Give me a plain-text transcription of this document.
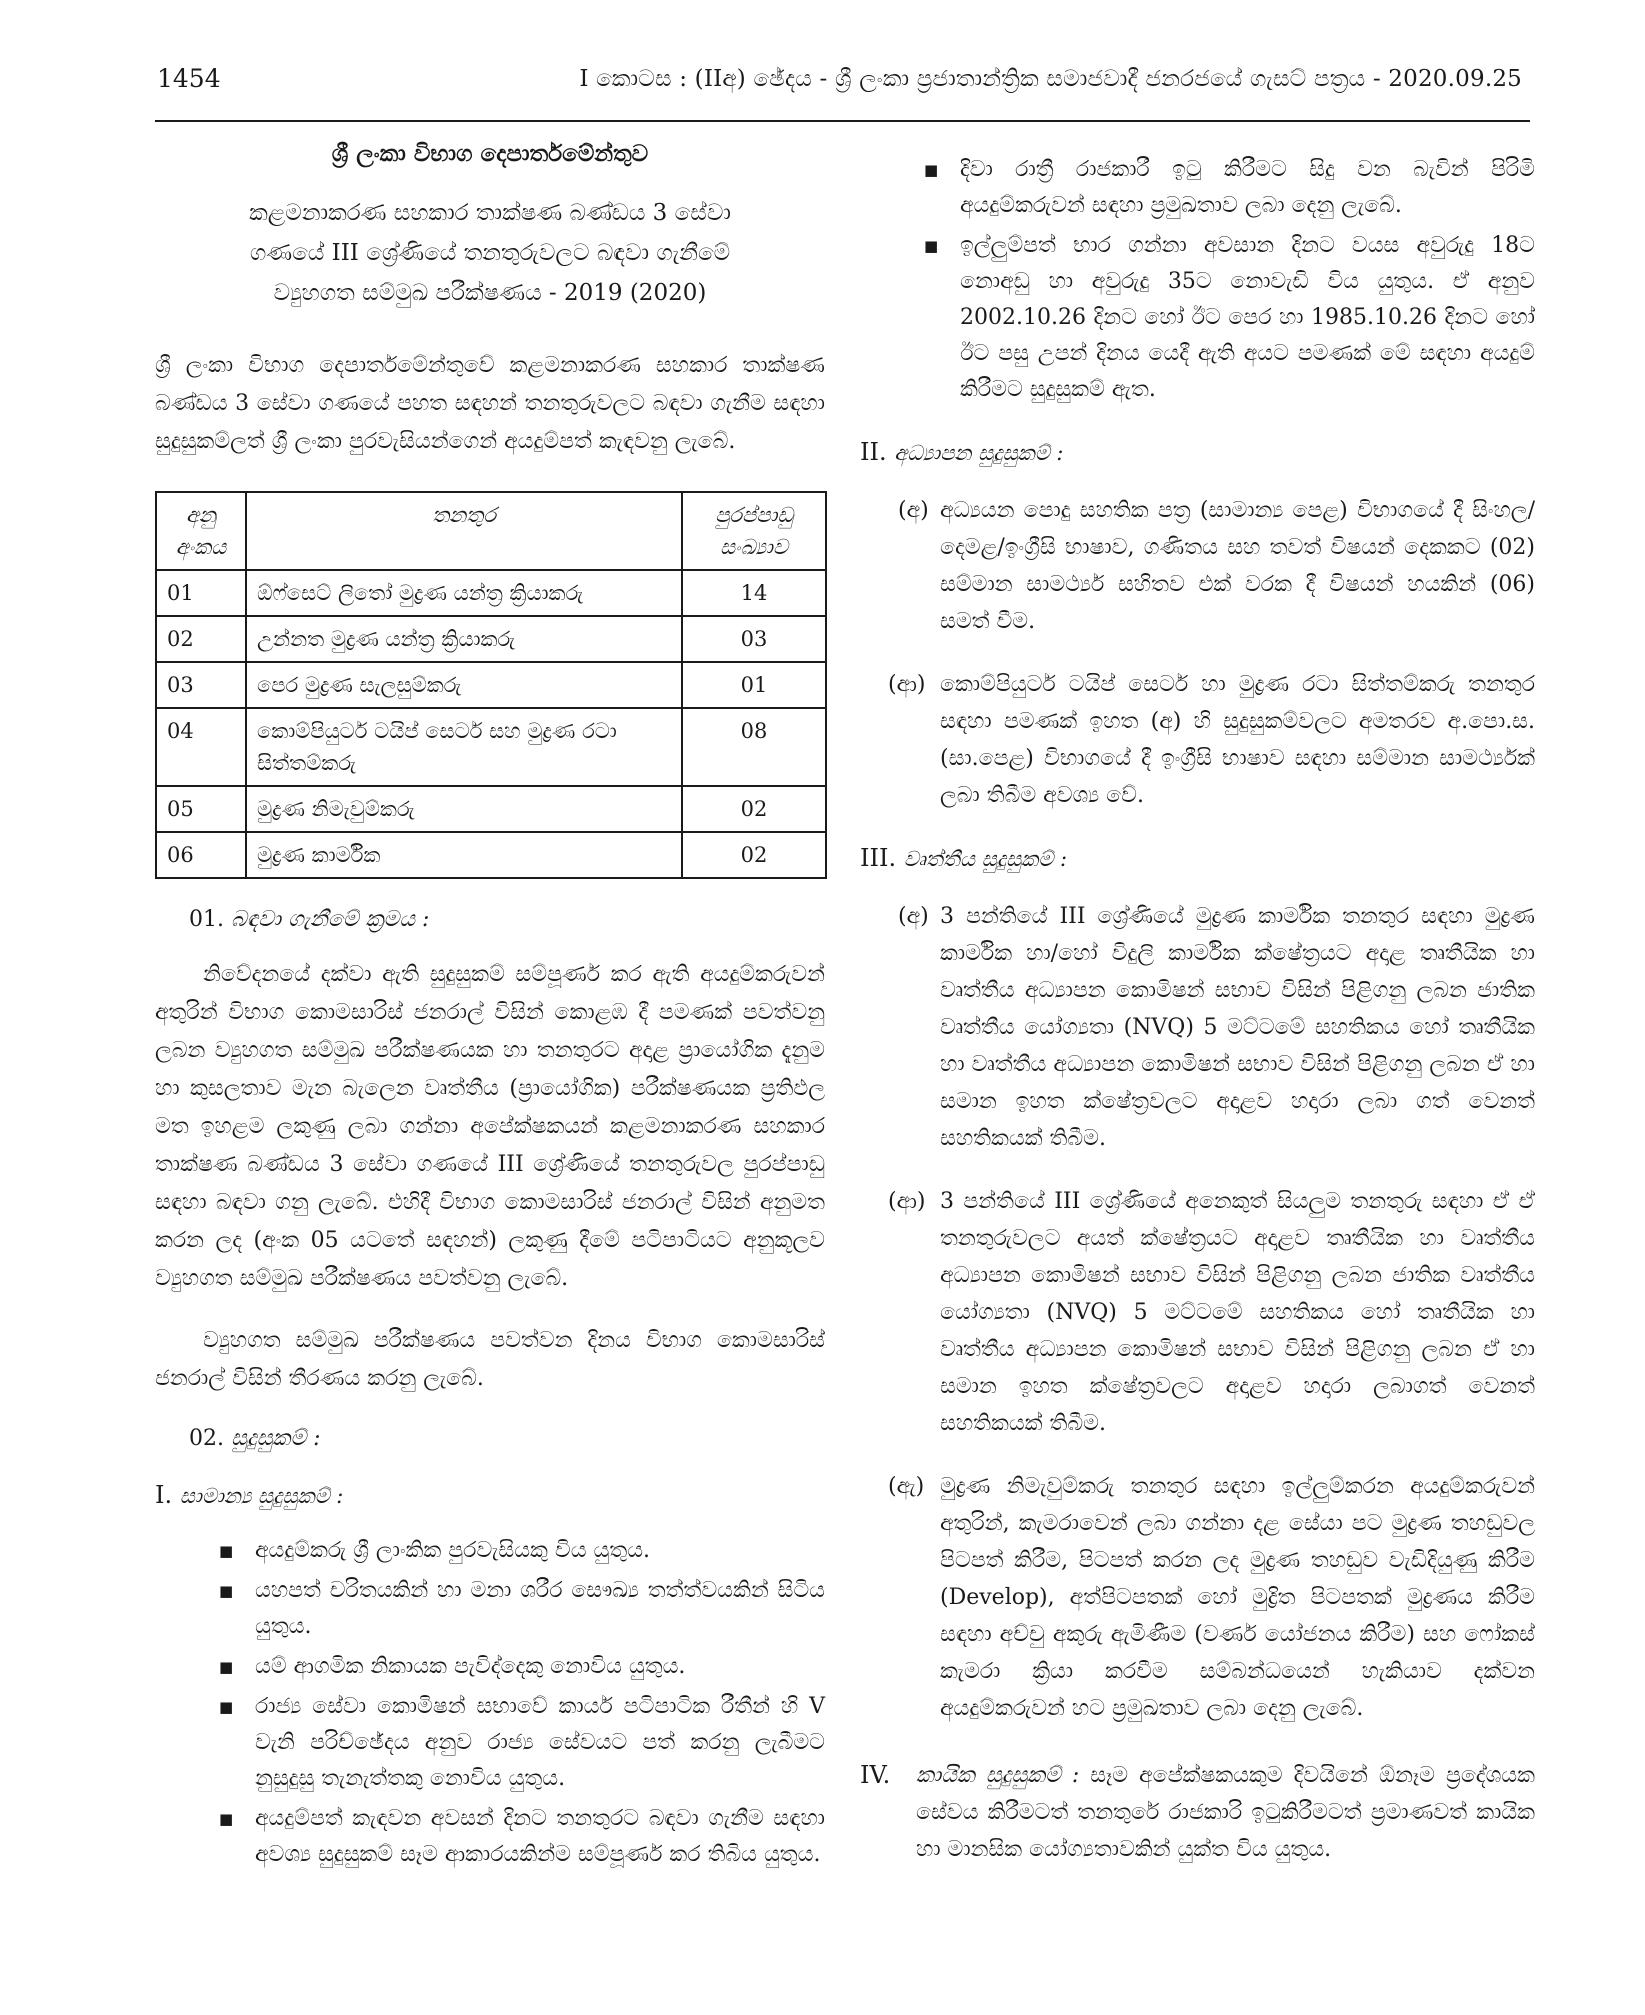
1454	I කොටස : (IIඅ) ඡේදය - ශ්‍රී ලංකා ප්‍රජාතාන්ත්‍රික සමාජවාදී ජනරජයේ ගැසට් පත්‍රය - 2020.09.25

ශ්‍රී ලංකා විභාග දෙපාර්තමේන්තුව

කළමනාකරණ සහකාර තාක්ෂණ බණ්ඩය 3 සේවා ගණයේ III ශ්‍රේණියේ තනතුරුවලට බඳවා ගැනීමේ ව්‍යුහගත සම්මුඛ පරීක්ෂණය - 2019 (2020)

ශ්‍රී ලංකා විභාග දෙපාර්තමේන්තුවේ කළමනාකරණ සහකාර තාක්ෂණ බණ්ඩය 3 සේවා ගණයේ පහත සඳහන් තනතුරුවලට බඳවා ගැනීම සඳහා සුදුසුකම්ලත් ශ්‍රී ලංකා පුරවැසියන්ගෙන් අයදුම්පත් කැඳවනු ලැබේ.

අනු අංකය	තනතුර	පුරප්පාඩු සංඛ්‍යාව
01	ඕෆ්සෙට් ලිතෝ මුද්‍රණ යන්ත්‍ර ක්‍රියාකරු	14
02	උන්නත මුද්‍රණ යන්ත්‍ර ක්‍රියාකරු	03
03	පෙර මුද්‍රණ සැලසුම්කරු	01
04	කොම්පියුටර් ටයිප් සෙටර් සහ මුද්‍රණ රටා සිත්තම්කරු	08
05	මුද්‍රණ නිමැවුම්කරු	02
06	මුද්‍රණ කාර්මික	02

01. බඳවා ගැනීමේ ක්‍රමය :

නිවේදනයේ දක්වා ඇති සුදුසුකම් සම්පූර්ණ කර ඇති අයදුම්කරුවන් අතුරින් විභාග කොමසාරිස් ජනරාල් විසින් කොළඹ දී පමණක් පවත්වනු ලබන ව්‍යුහගත සම්මුඛ පරීක්ෂණයක හා තනතුරට අදාළ ප්‍රායෝගික දැනුම හා කුසලතාව මැන බැලෙන වෘත්තීය (ප්‍රායෝගික) පරීක්ෂණයක ප්‍රතිඵල මත ඉහළම ලකුණු ලබා ගන්නා අපේක්ෂකයන් කළමනාකරණ සහකාර තාක්ෂණ බණ්ඩය 3 සේවා ගණයේ III ශ්‍රේණියේ තනතුරුවල පුරප්පාඩු සඳහා බඳවා ගනු ලැබේ. එහිදී විභාග කොමසාරිස් ජනරාල් විසින් අනුමත කරන ලද (අංක 05 යටතේ සඳහන්) ලකුණු දීමේ පටිපාටියට අනුකූලව ව්‍යුහගත සම්මුඛ පරීක්ෂණය පවත්වනු ලැබේ.

ව්‍යුහගත සම්මුඛ පරීක්ෂණය පවත්වන දිනය විභාග කොමසාරිස් ජනරාල් විසින් තීරණය කරනු ලැබේ.

02. සුදුසුකම් :

I. සාමාන්‍ය සුදුසුකම් :

■ අයදුම්කරු ශ්‍රී ලාංකික පුරවැසියකු විය යුතුය.
■ යහපත් චරිතයකින් හා මනා ශරීර සෞඛ්‍ය තත්ත්වයකින් සිටිය යුතුය.
■ යම් ආගමික නිකායක පැවිද්දෙකු නොවිය යුතුය.
■ රාජ්‍ය සේවා කොමිෂන් සභාවේ කාර්ය පටිපාටික රීතීන් හි V වැනි පරිච්ඡේදය අනුව රාජ්‍ය සේවයට පත් කරනු ලැබීමට නුසුදුසු තැනැත්තකු නොවිය යුතුය.
■ අයදුම්පත් කැඳවන අවසන් දිනට තනතුරට බඳවා ගැනීම සඳහා අවශ්‍ය සුදුසුකම් සෑම ආකාරයකින්ම සම්පූර්ණ කර තිබිය යුතුය.
■ දිවා රාත්‍රී රාජකාරී ඉටු කිරීමට සිදු වන බැවින් පිරිමි අයදුම්කරුවන් සඳහා ප්‍රමුඛතාව ලබා දෙනු ලැබේ.
■ ඉල්ලුම්පත් භාර ගන්නා අවසාන දිනට වයස අවුරුදු 18ට නොඅඩු හා අවුරුදු 35ට නොවැඩි විය යුතුය. ඒ අනුව 2002.10.26 දිනට හෝ ඊට පෙර හා 1985.10.26 දිනට හෝ ඊට පසු උපන් දිනය යෙදී ඇති අයට පමණක් මේ සඳහා අයදුම් කිරීමට සුදුසුකම් ඇත.

II. අධ්‍යාපන සුදුසුකම් :

(අ) අධ්‍යයන පොදු සහතික පත්‍ර (සාමාන්‍ය පෙළ) විභාගයේ දී සිංහල/දෙමළ/ඉංග්‍රීසි භාෂාව, ගණිතය සහ තවත් විෂයන් දෙකකට (02) සම්මාන සාමර්ථ්‍ය සහිතව එක් වරක දී විෂයන් හයකින් (06) සමත් වීම.
(ආ) කොම්පියුටර් ටයිප් සෙටර් හා මුද්‍රණ රටා සිත්තම්කරු තනතුර සඳහා පමණක් ඉහත (අ) හි සුදුසුකම්වලට අමතරව අ.පො.ස. (සා.පෙළ) විභාගයේ දී ඉංග්‍රීසි භාෂාව සඳහා සම්මාන සාමර්ථ්‍යක් ලබා තිබීම අවශ්‍ය වේ.

III. වෘත්තීය සුදුසුකම් :

(අ) 3 පන්තියේ III ශ්‍රේණියේ මුද්‍රණ කාර්මික තනතුර සඳහා මුද්‍රණ කාර්මික හා/හෝ විදුලි කාර්මික ක්ෂේත්‍රයට අදාළ තෘතීයික හා වෘත්තීය අධ්‍යාපන කොමිෂන් සභාව විසින් පිළිගනු ලබන ජාතික වෘත්තීය යෝග්‍යතා (NVQ) 5 මට්ටමේ සහතිකය හෝ තෘතීයික හා වෘත්තීය අධ්‍යාපන කොමිෂන් සභාව විසින් පිළිගනු ලබන ඒ හා සමාන ඉහත ක්ෂේත්‍රවලට අදාළව හදාරා ලබා ගත් වෙනත් සහතිකයක් තිබීම.
(ආ) 3 පන්තියේ III ශ්‍රේණියේ අනෙකුත් සියලුම තනතුරු සඳහා ඒ ඒ තනතුරුවලට අයත් ක්ෂේත්‍රයට අදාළව තෘතීයික හා වෘත්තීය අධ්‍යාපන කොමිෂන් සභාව විසින් පිළිගනු ලබන ජාතික වෘත්තීය යෝග්‍යතා (NVQ) 5 මට්ටමේ සහතිකය හෝ තෘතීයික හා වෘත්තීය අධ්‍යාපන කොමිෂන් සභාව විසින් පිළිගනු ලබන ඒ හා සමාන ඉහත ක්ෂේත්‍රවලට අදාළව හදාරා ලබාගත් වෙනත් සහතිකයක් තිබීම.
(ඇ) මුද්‍රණ නිමැවුම්කරු තනතුර සඳහා ඉල්ලුම්කරන අයදුම්කරුවන් අතුරින්, කැමරාවෙන් ලබා ගන්නා දළ සේයා පට මුද්‍රණ තහඩුවල පිටපත් කිරීම, පිටපත් කරන ලද මුද්‍රණ තහඩුව වැඩිදියුණු කිරීම (Develop), අත්පිටපතක් හෝ මුද්‍රිත පිටපතක් මුද්‍රණය කිරීම සඳහා අච්චු අකුරු ඇමිණීම (වර්ණ යෝජනය කිරීම) සහ ෆෝකස් කැමරා ක්‍රියා කරවීම සම්බන්ධයෙන් හැකියාව දක්වන අයදුම්කරුවන් හට ප්‍රමුඛතාව ලබා දෙනු ලැබේ.
IV. කායික සුදුසුකම් : සෑම අපේක්ෂකයකුම දිවයිනේ ඕනෑම ප්‍රදේශයක සේවය කිරීමටත් තනතුරේ රාජකාරි ඉටුකිරීමටත් ප්‍රමාණවත් කායික හා මානසික යෝග්‍යතාවකින් යුක්ත විය යුතුය.
